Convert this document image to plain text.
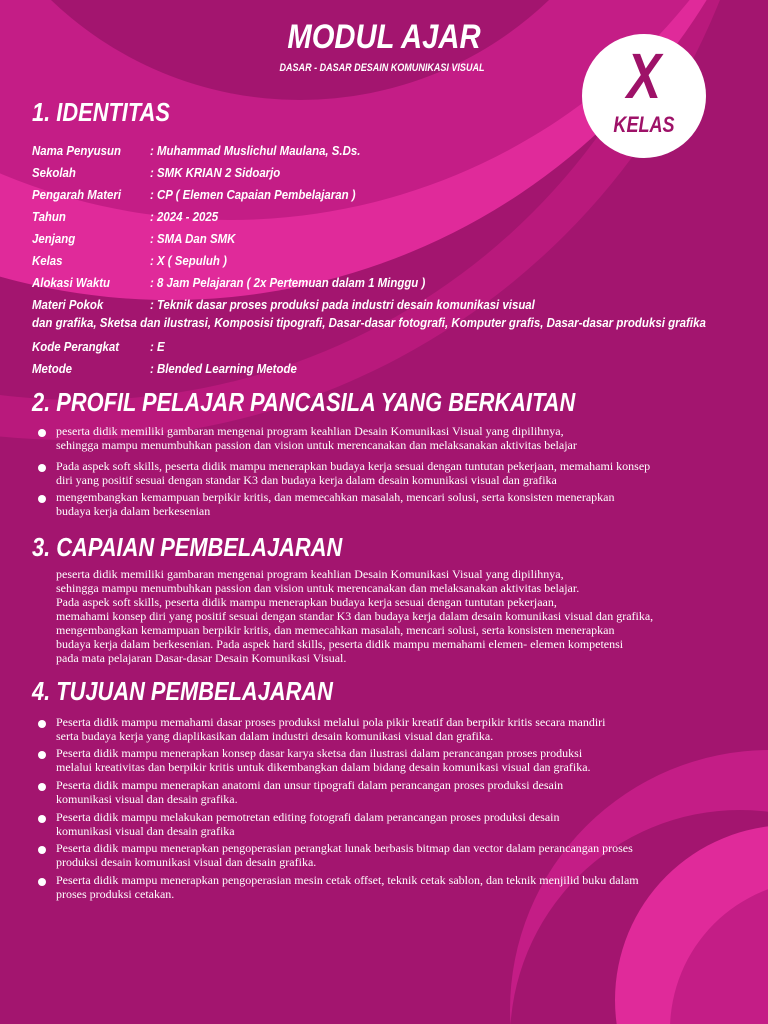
MODUL AJAR
DASAR - DASAR DESAIN KOMUNIKASI VISUAL	X
KELAS
1. IDENTITAS
Nama Penyusun : Muhammad Muslichul Maulana, S.Ds.
Sekolah	: SMK KRIAN 2 Sidoarjo
Pengarah Materi : CP ( Elemen Capaian Pembelajaran )
Tahun	: 2024 - 2025
Jenjang	: SMA Dan SMK
Kelas	: X ( Sepuluh )
Alokasi Waktu	: 8 Jam Pelajaran ( 2x Pertemuan dalam 1 Minggu )
Materi Pokok	: Teknik dasar proses produksi pada industri desain komunikasi visual
dan grafika, Sketsa dan ilustrasi, Komposisi tipografi, Dasar-dasar fotografi, Komputer grafis, Dasar-dasar produksi grafika
Kode Perangkat : E
Metode	: Blended Learning Metode
2. PROFIL PELAJAR PANCASILA YANG BERKAITAN
peserta didik memiliki gambaran mengenai program keahlian Desain Komunikasi Visual yang dipilihnya,
sehingga mampu menumbuhkan passion dan vision untuk merencanakan dan melaksanakan aktivitas belajar
Pada aspek soft skills, peserta didik mampu menerapkan budaya kerja sesuai dengan tuntutan pekerjaan, memahami konsep
diri yang positif sesuai dengan standar K3 dan budaya kerja dalam desain komunikasi visual dan grafika
mengembangkan kemampuan berpikir kritis, dan memecahkan masalah, mencari solusi, serta konsisten menerapkan
budaya kerja dalam berkesenian
3. CAPAIAN PEMBELAJARAN
peserta didik memiliki gambaran mengenai program keahlian Desain Komunikasi Visual yang dipilihnya,
sehingga mampu menumbuhkan passion dan vision untuk merencanakan dan melaksanakan aktivitas belajar.
Pada aspek soft skills, peserta didik mampu menerapkan budaya kerja sesuai dengan tuntutan pekerjaan,
memahami konsep diri yang positif sesuai dengan standar K3 dan budaya kerja dalam desain komunikasi visual dan grafika,
mengembangkan kemampuan berpikir kritis, dan memecahkan masalah, mencari solusi, serta konsisten menerapkan
budaya kerja dalam berkesenian. Pada aspek hard skills, peserta didik mampu memahami elemen- elemen kompetensi
pada mata pelajaran Dasar-dasar Desain Komunikasi Visual.
4. TUJUAN PEMBELAJARAN
Peserta didik mampu memahami dasar proses produksi melalui pola pikir kreatif dan berpikir kritis secara mandiri
serta budaya kerja yang diaplikasikan dalam industri desain komunikasi visual dan grafika.
Peserta didik mampu menerapkan konsep dasar karya sketsa dan ilustrasi dalam perancangan proses produksi
melalui kreativitas dan berpikir kritis untuk dikembangkan dalam bidang desain komunikasi visual dan grafika.
Peserta didik mampu menerapkan anatomi dan unsur tipografi dalam perancangan proses produksi desain
komunikasi visual dan desain grafika.
Peserta didik mampu melakukan pemotretan editing fotografi dalam perancangan proses produksi desain
komunikasi visual dan desain grafika
Peserta didik mampu menerapkan pengoperasian perangkat lunak berbasis bitmap dan vector dalam perancangan proses
produksi desain komunikasi visual dan desain grafika.
Peserta didik mampu menerapkan pengoperasian mesin cetak offset, teknik cetak sablon, dan teknik menjilid buku dalam
proses produksi cetakan.
